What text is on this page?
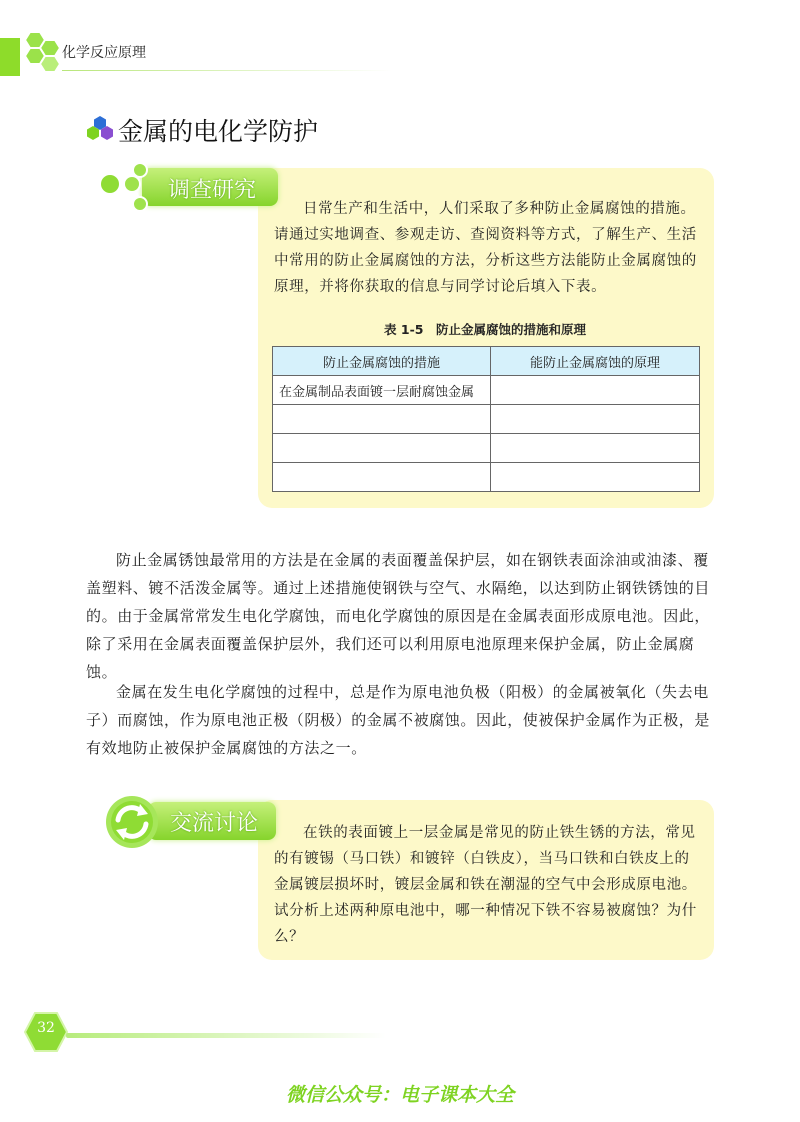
化学反应原理
金属的电化学防护
调查研究

日常生产和生活中，人们采取了多种防止金属腐蚀的措施。请通过实地调查、参观走访、查阅资料等方式，了解生产、生活中常用的防止金属腐蚀的方法，分析这些方法能防止金属腐蚀的原理，并将你获取的信息与同学讨论后填入下表。

表 1-5　防止金属腐蚀的措施和原理
防止金属腐蚀的措施	能防止金属腐蚀的原理
在金属制品表面镀一层耐腐蚀金属	

防止金属锈蚀最常用的方法是在金属的表面覆盖保护层，如在钢铁表面涂油或油漆、覆盖塑料、镀不活泼金属等。通过上述措施使钢铁与空气、水隔绝，以达到防止钢铁锈蚀的目的。由于金属常常发生电化学腐蚀，而电化学腐蚀的原因是在金属表面形成原电池。因此，除了采用在金属表面覆盖保护层外，我们还可以利用原电池原理来保护金属，防止金属腐蚀。

金属在发生电化学腐蚀的过程中，总是作为原电池负极（阳极）的金属被氧化（失去电子）而腐蚀，作为原电池正极（阴极）的金属不被腐蚀。因此，使被保护金属作为正极，是有效地防止被保护金属腐蚀的方法之一。

交流讨论	在铁的表面镀上一层金属是常见的防止铁生锈的方法，常见的有镀锡（马口铁）和镀锌（白铁皮），当马口铁和白铁皮上的金属镀层损坏时，镀层金属和铁在潮湿的空气中会形成原电池。试分析上述两种原电池中，哪一种情况下铁不容易被腐蚀？为什么？

32
微信公众号：电子课本大全
